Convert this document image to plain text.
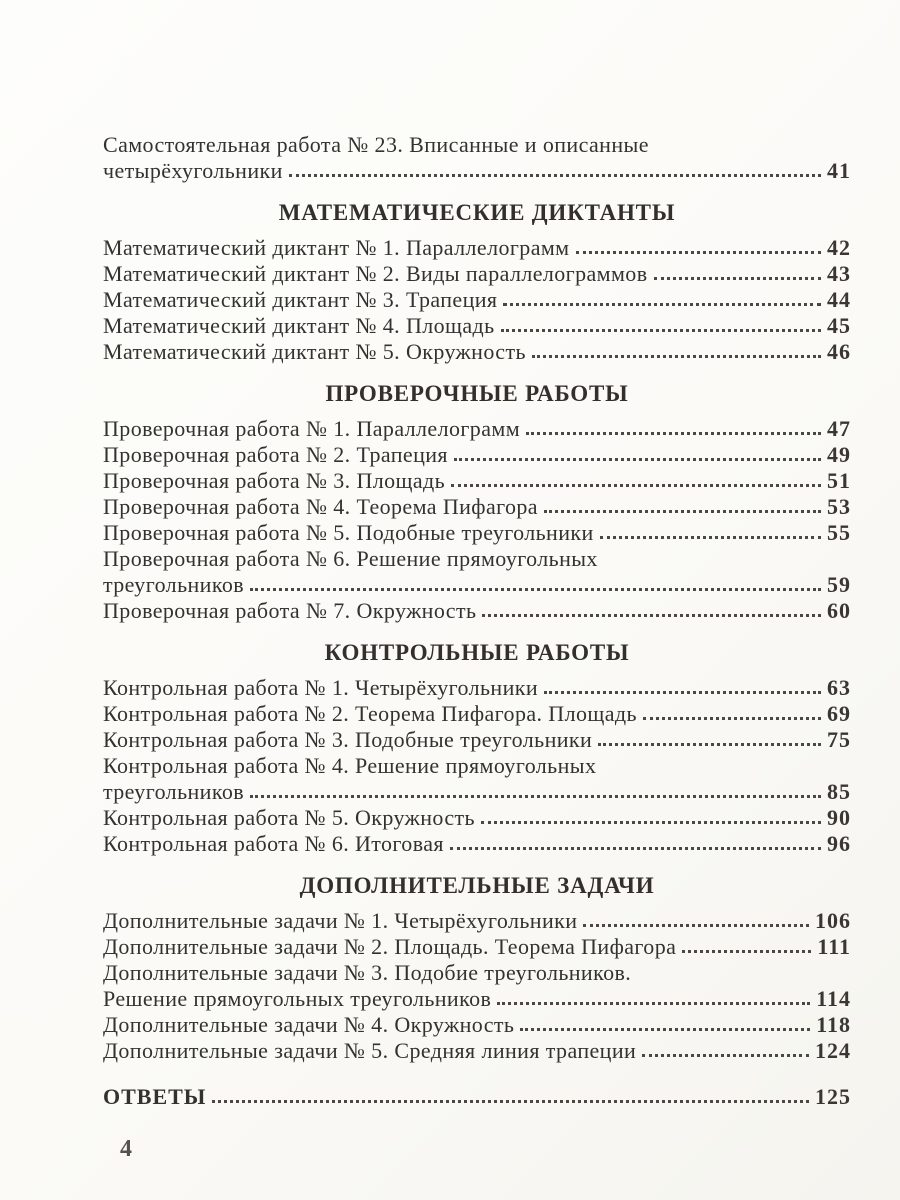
Самостоятельная работа № 23. Вписанные и описанные
четырёхугольники	41
МАТЕМАТИЧЕСКИЕ ДИКТАНТЫ
Математический диктант № 1. Параллелограмм	42
Математический диктант № 2. Виды параллелограммов	43
Математический диктант № 3. Трапеция	44
Математический диктант № 4. Площадь	45
Математический диктант № 5. Окружность	46
ПРОВЕРОЧНЫЕ РАБОТЫ
Проверочная работа № 1. Параллелограмм	47
Проверочная работа № 2. Трапеция	49
Проверочная работа № 3. Площадь	51
Проверочная работа № 4. Теорема Пифагора	53
Проверочная работа № 5. Подобные треугольники	55
Проверочная работа № 6. Решение прямоугольных
треугольников	59
Проверочная работа № 7. Окружность	60
КОНТРОЛЬНЫЕ РАБОТЫ
Контрольная работа № 1. Четырёхугольники	63
Контрольная работа № 2. Теорема Пифагора. Площадь	69
Контрольная работа № 3. Подобные треугольники	75
Контрольная работа № 4. Решение прямоугольных
треугольников	85
Контрольная работа № 5. Окружность	90
Контрольная работа № 6. Итоговая	96
ДОПОЛНИТЕЛЬНЫЕ ЗАДАЧИ
Дополнительные задачи № 1. Четырёхугольники	106
Дополнительные задачи № 2. Площадь. Теорема Пифагора	111
Дополнительные задачи № 3. Подобие треугольников.
Решение прямоугольных треугольников	114
Дополнительные задачи № 4. Окружность	118
Дополнительные задачи № 5. Средняя линия трапеции	124
ОТВЕТЫ	125
4
